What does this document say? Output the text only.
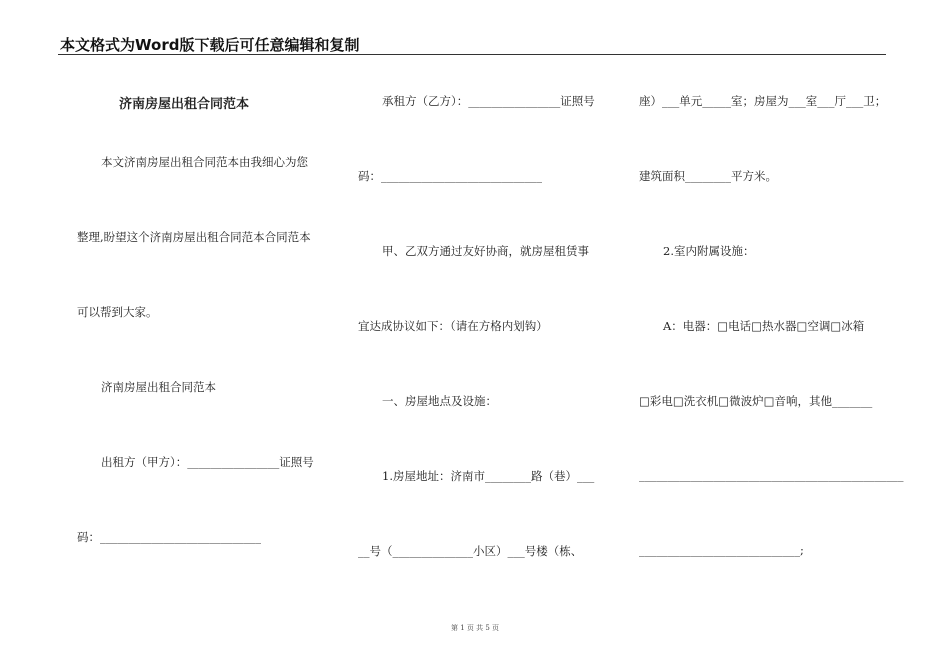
本文格式为Word版下载后可任意编辑和复制
济南房屋出租合同范本
本文济南房屋出租合同范本由我细心为您
整理,盼望这个济南房屋出租合同范本合同范本
可以帮到大家。
济南房屋出租合同范本
出租方（甲方）：________________证照号
码：____________________________
承租方（乙方）：________________证照号
码：____________________________
甲、乙双方通过友好协商，就房屋租赁事
宜达成协议如下：（请在方格内划钩）
一、房屋地点及设施：
1.房屋地址：济南市________路（巷）___
__号（______________小区）___号楼（栋、
座）___单元_____室；房屋为___室___厅___卫；
建筑面积________平方米。
2.室内附属设施：
A：电器：□电话□热水器□空调□冰箱
□彩电□洗衣机□微波炉□音响，其他_______
______________________________________________
____________________________;
第 1 页 共 5 页
